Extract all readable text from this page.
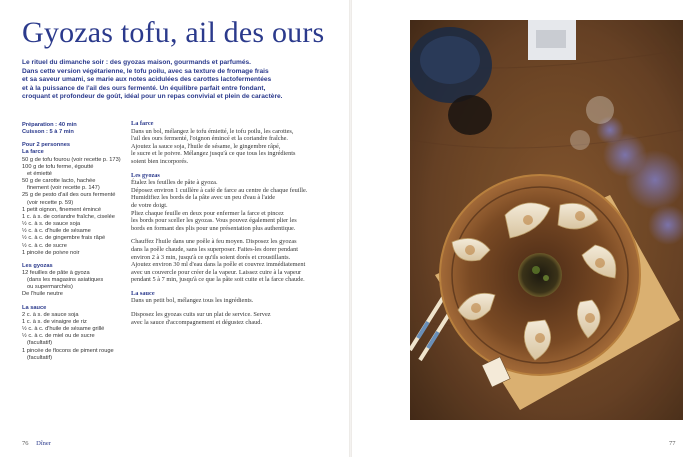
Gyozas tofu, ail des ours
Le rituel du dimanche soir : des gyozas maison, gourmands et parfumés.
Dans cette version végétarienne, le tofu poilu, avec sa texture de fromage frais
et sa saveur umami, se marie aux notes acidulées des carottes lactofermentées
et à la puissance de l'ail des ours fermenté. Un équilibre parfait entre fondant,
croquant et profondeur de goût, idéal pour un repas convivial et plein de caractère.
Préparation : 40 min
Cuisson : 5 à 7 min
Pour 2 personnes
La farce
50 g de tofu fourou (voir recette p. 173)
100 g de tofu ferme, égoutté
et émietté
50 g de carotte lacto, hachée
finement (voir recette p. 147)
25 g de pesto d'ail des ours fermenté
(voir recette p. 59)
1 petit oignon, finement émincé
1 c. à s. de coriandre fraîche, ciselée
½ c. à s. de sauce soja
½ c. à c. d'huile de sésame
½ c. à c. de gingembre frais râpé
½ c. à c. de sucre
1 pincée de poivre noir
Les gyozas
12 feuilles de pâte à gyoza
(dans les magasins asiatiques
ou supermarchés)
De l'huile neutre
La sauce
2 c. à s. de sauce soja
1 c. à s. de vinaigre de riz
½ c. à c. d'huile de sésame grillé
½ c. à c. de miel ou de sucre
(facultatif)
1 pincée de flocons de piment rouge
(facultatif)
La farce
Dans un bol, mélangez le tofu émietté, le tofu poilu, les carottes,
l'ail des ours fermenté, l'oignon émincé et la coriandre fraîche.
Ajoutez la sauce soja, l'huile de sésame, le gingembre râpé,
le sucre et le poivre. Mélangez jusqu'à ce que tous les ingrédients
soient bien incorporés.
Les gyozas
Étalez les feuilles de pâte à gyoza.
Déposez environ 1 cuillère à café de farce au centre de chaque feuille.
Humidifiez les bords de la pâte avec un peu d'eau à l'aide
de votre doigt.
Pliez chaque feuille en deux pour enfermer la farce et pincez
les bords pour sceller les gyozas. Vous pouvez également plier les
bords en formant des plis pour une présentation plus authentique.
Chauffez l'huile dans une poêle à feu moyen. Disposez les gyozas
dans la poêle chaude, sans les superposer. Faites-les dorer pendant
environ 2 à 3 min, jusqu'à ce qu'ils soient dorés et croustillants.
Ajoutez environ 30 ml d'eau dans la poêle et couvrez immédiatement
avec un couvercle pour créer de la vapeur. Laissez cuire à la vapeur
pendant 5 à 7 min, jusqu'à ce que la pâte soit cuite et la farce chaude.
La sauce
Dans un petit bol, mélangez tous les ingrédients.
Disposez les gyozas cuits sur un plat de service. Servez
avec la sauce d'accompagnement et dégustez chaud.
76 Dîner	77
